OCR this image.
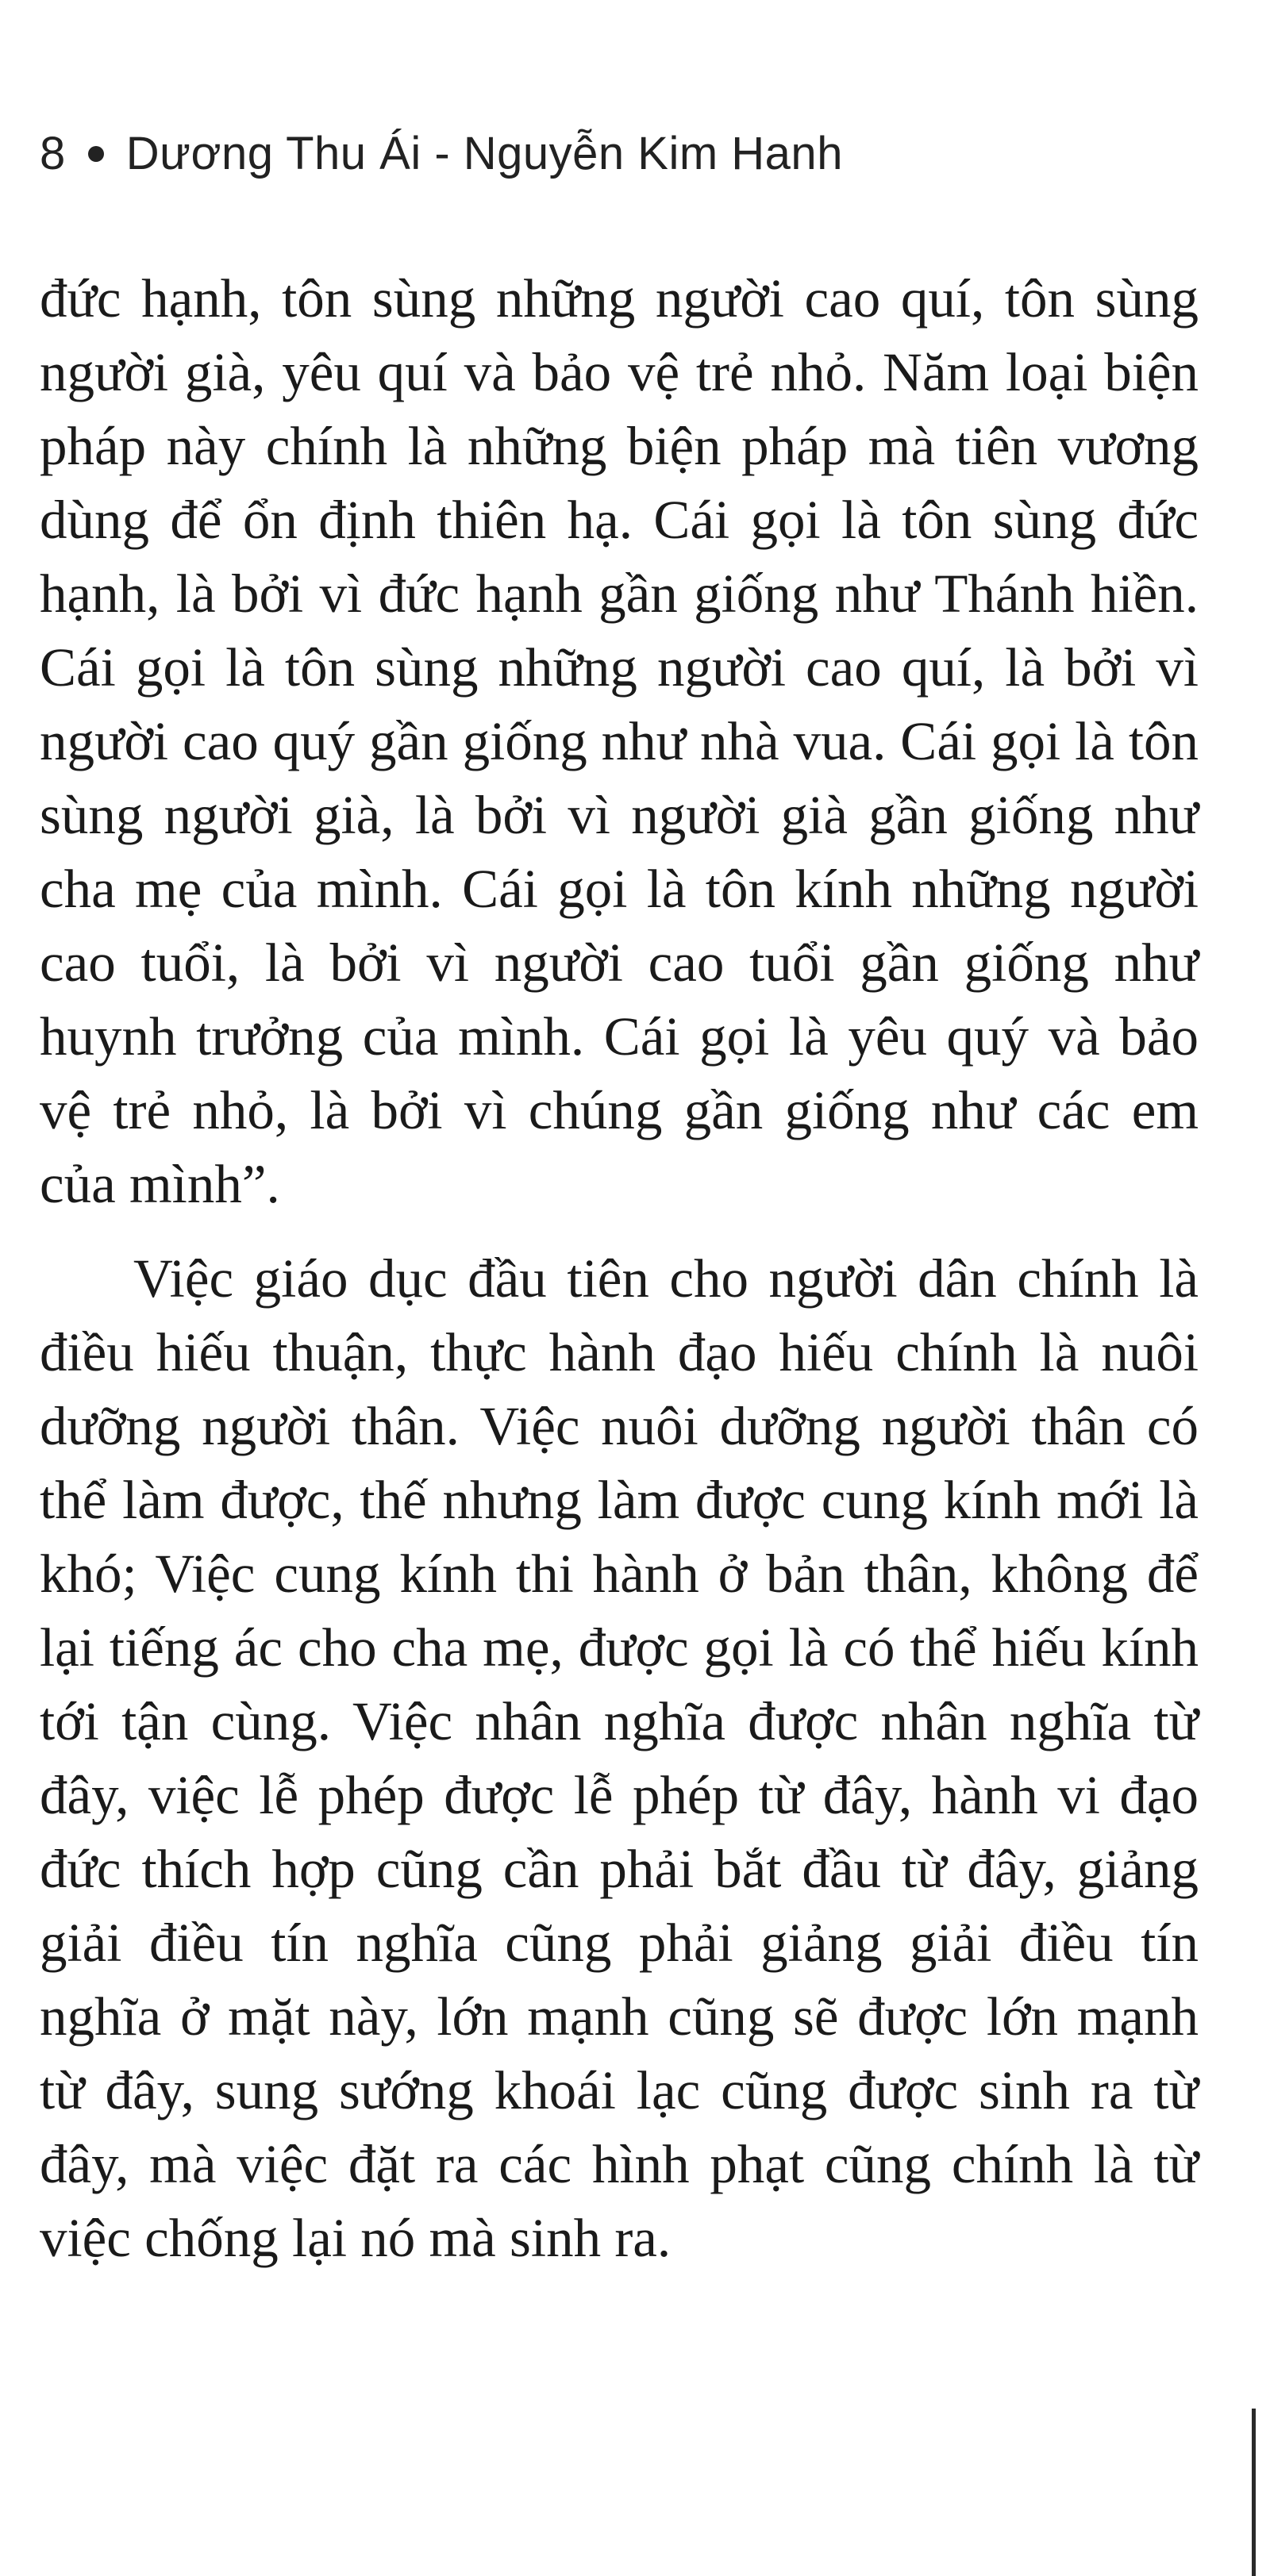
8 Dương Thu Ái - Nguyễn Kim Hanh

đức hạnh, tôn sùng những người cao quí, tôn sùng người già, yêu quí và bảo vệ trẻ nhỏ. Năm loại biện pháp này chính là những biện pháp mà tiên vương dùng để ổn định thiên hạ. Cái gọi là tôn sùng đức hạnh, là bởi vì đức hạnh gần giống như Thánh hiền. Cái gọi là tôn sùng những người cao quí, là bởi vì người cao quý gần giống như nhà vua. Cái gọi là tôn sùng người già, là bởi vì người già gần giống như cha mẹ của mình. Cái gọi là tôn kính những người cao tuổi, là bởi vì người cao tuổi gần giống như huynh trưởng của mình. Cái gọi là yêu quý và bảo vệ trẻ nhỏ, là bởi vì chúng gần giống như các em của mình”.

Việc giáo dục đầu tiên cho người dân chính là điều hiếu thuận, thực hành đạo hiếu chính là nuôi dưỡng người thân. Việc nuôi dưỡng người thân có thể làm được, thế nhưng làm được cung kính mới là khó; Việc cung kính thi hành ở bản thân, không để lại tiếng ác cho cha mẹ, được gọi là có thể hiếu kính tới tận cùng. Việc nhân nghĩa được nhân nghĩa từ đây, việc lễ phép được lễ phép từ đây, hành vi đạo đức thích hợp cũng cần phải bắt đầu từ đây, giảng giải điều tín nghĩa cũng phải giảng giải điều tín nghĩa ở mặt này, lớn mạnh cũng sẽ được lớn mạnh từ đây, sung sướng khoái lạc cũng được sinh ra từ đây, mà việc đặt ra các hình phạt cũng chính là từ việc chống lại nó mà sinh ra.
